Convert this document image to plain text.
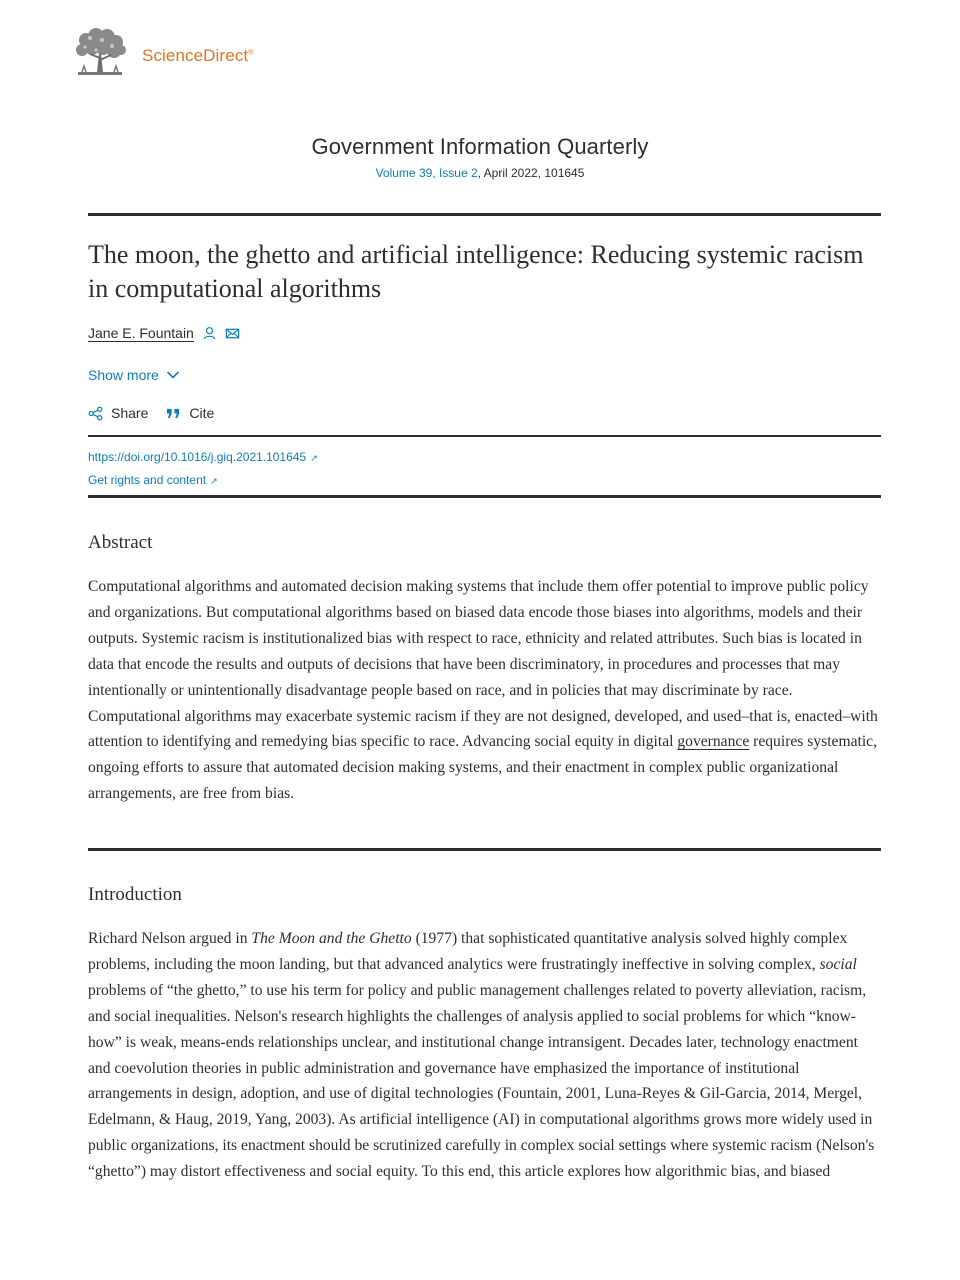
ScienceDirect®
Government Information Quarterly
Volume 39, Issue 2, April 2022, 101645
The moon, the ghetto and artificial intelligence: Reducing systemic racism in computational algorithms
Jane E. Fountain
Show more
Share	Cite
https://doi.org/10.1016/j.giq.2021.101645 ↗
Get rights and content ↗
Abstract

Computational algorithms and automated decision making systems that include them offer potential to improve public policy and organizations. But computational algorithms based on biased data encode those biases into algorithms, models and their outputs. Systemic racism is institutionalized bias with respect to race, ethnicity and related attributes. Such bias is located in data that encode the results and outputs of decisions that have been discriminatory, in procedures and processes that may intentionally or unintentionally disadvantage people based on race, and in policies that may discriminate by race. Computational algorithms may exacerbate systemic racism if they are not designed, developed, and used–that is, enacted–with attention to identifying and remedying bias specific to race. Advancing social equity in digital governance requires systematic, ongoing efforts to assure that automated decision making systems, and their enactment in complex public organizational arrangements, are free from bias.

Introduction

Richard Nelson argued in The Moon and the Ghetto (1977) that sophisticated quantitative analysis solved highly complex problems, including the moon landing, but that advanced analytics were frustratingly ineffective in solving complex, social problems of “the ghetto,” to use his term for policy and public management challenges related to poverty alleviation, racism, and social inequalities. Nelson's research highlights the challenges of analysis applied to social problems for which “know-how” is weak, means-ends relationships unclear, and institutional change intransigent. Decades later, technology enactment and coevolution theories in public administration and governance have emphasized the importance of institutional arrangements in design, adoption, and use of digital technologies (Fountain, 2001, Luna-Reyes & Gil-Garcia, 2014, Mergel, Edelmann, & Haug, 2019, Yang, 2003). As artificial intelligence (AI) in computational algorithms grows more widely used in public organizations, its enactment should be scrutinized carefully in complex social settings where systemic racism (Nelson's “ghetto”) may distort effectiveness and social equity. To this end, this article explores how algorithmic bias, and biased
